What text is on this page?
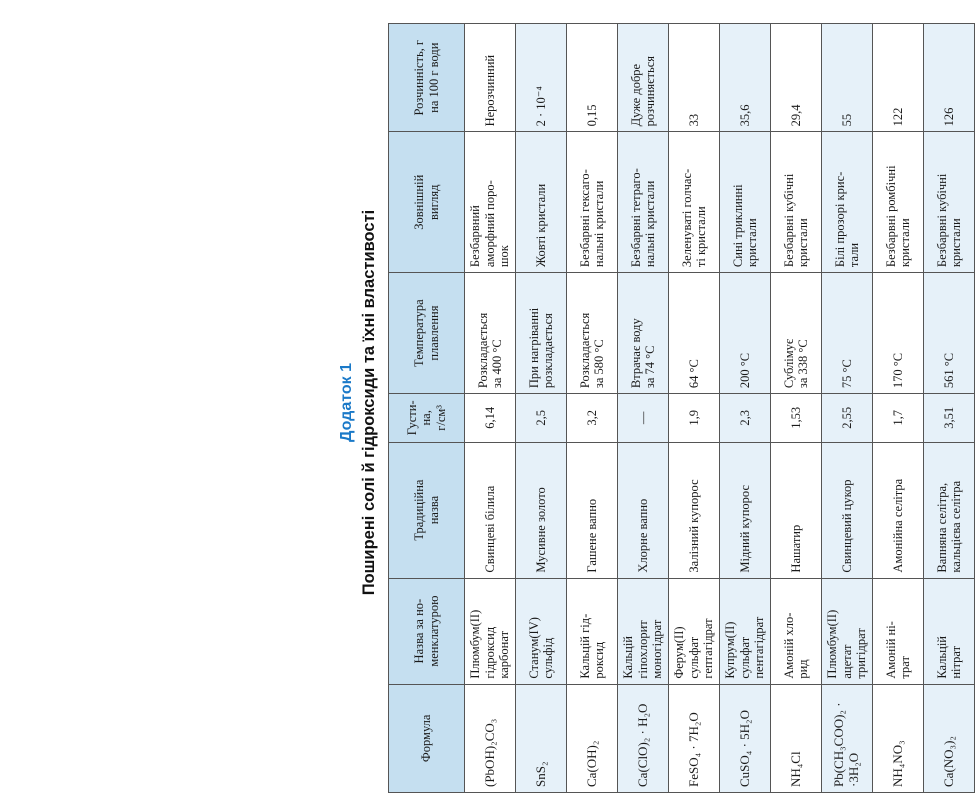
Додаток 1 Поширені солі й гідроксиди та їхні властивості
Формула	Назва за но-
менклатурою	Традиційна
назва	Густи-
на,
г/см³	Температура
плавлення	Зовнішній
вигляд	Розчинність, г
на 100 г води
(PbOH)₂CO₃	Плюмбум(ІІ)
гідроксид
карбонат	Свинцеві білила	6,14	Розкладається
за 400 °С	Безбарвний
аморфний поро-
шок	Нерозчинний
SnS₂	Станум(IV)
сульфід	Мусивне золото	2,5	При нагріванні
розкладається	Жовті кристали	2 · 10⁻⁴
Ca(OH)₂	Кальцій гід-
роксид	Гашене вапно	3,2	Розкладається
за 580 °С	Безбарвні гексаго-
нальні кристали	0,15
Ca(ClO)₂ · H₂O	Кальцій
гіпохлорит
моногідрат	Хлорне вапно	—	Втрачає воду
за 74 °С	Безбарвні тетраго-
нальні кристали	Дуже добре
розчиняється
FeSO₄ · 7H₂O	Ферум(ІІ)
сульфат
гептагідрат	Залізний купорос	1,9	64 °С	Зеленуваті голчас-
ті кристали	33
CuSO₄ · 5H₂O	Купрум(ІІ)
сульфат
пентагідрат	Мідний купорос	2,3	200 °С	Сині триклинні
кристали	35,6
NH₄Cl	Амоній хло-
рид	Нашатир	1,53	Сублімує
за 338 °С	Безбарвні кубічні
кристали	29,4
Pb(CH₃COO)₂ ·
·3H₂O	Плюмбум(ІІ)
ацетат
тригідрат	Свинцевий цукор	2,55	75 °С	Білі прозорі крис-
тали	55
NH₄NO₃	Амоній ні-
трат	Амонійна селітра	1,7	170 °С	Безбарвні ромбічні
кристали	122
Ca(NO₃)₂	Кальцій
нітрат	Вапняна селітра,
кальцієва селітра	3,51	561 °С	Безбарвні кубічні
кристали	126
